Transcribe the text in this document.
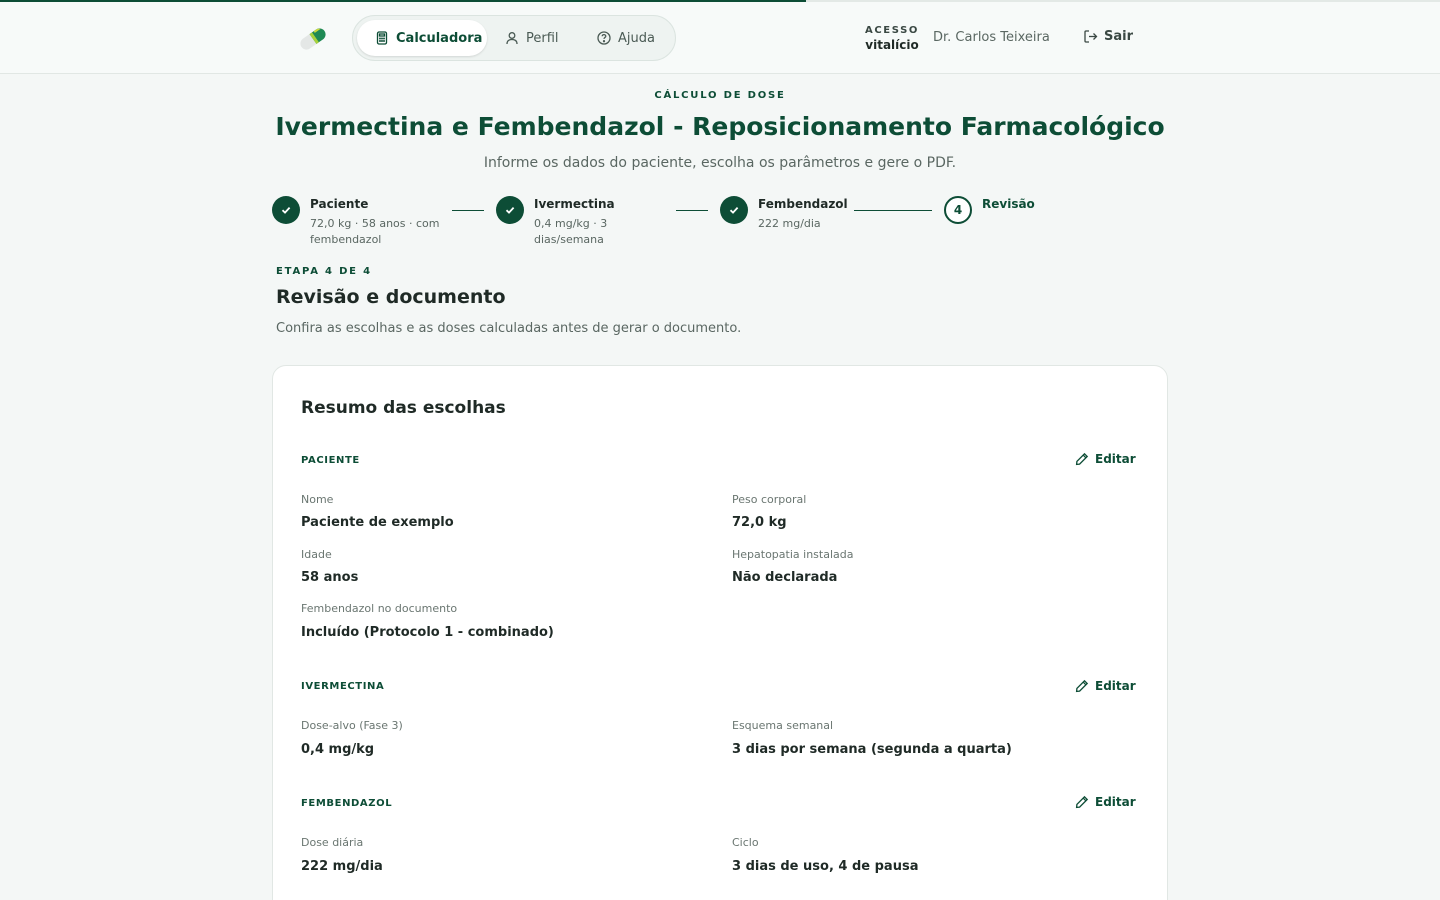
Calculadora	Perfil	Ajuda	ACESSO
vitalício Dr. Carlos Teixeira	Sair
CÁLCULO DE DOSE
Ivermectina e Fembendazol - Reposicionamento Farmacológico

Informe os dados do paciente, escolha os parâmetros e gere o PDF.

Paciente
72,0 kg · 58 anos · com fembendazol
Ivermectina
0,4 mg/kg · 3 dias/semana
Fembendazol
222 mg/dia
4	Revisão
ETAPA 4 DE 4
Revisão e documento

Confira as escolhas e as doses calculadas antes de gerar o documento.

Resumo das escolhas
PACIENTE	Editar
Nome
Paciente de exemplo
Peso corporal
72,0 kg
Idade
58 anos
Hepatopatia instalada
Não declarada
Fembendazol no documento
Incluído (Protocolo 1 - combinado)
IVERMECTINA	Editar
Dose-alvo (Fase 3)
0,4 mg/kg
Esquema semanal
3 dias por semana (segunda a quarta)
FEMBENDAZOL	Editar
Dose diária
222 mg/dia
Ciclo
3 dias de uso, 4 de pausa
